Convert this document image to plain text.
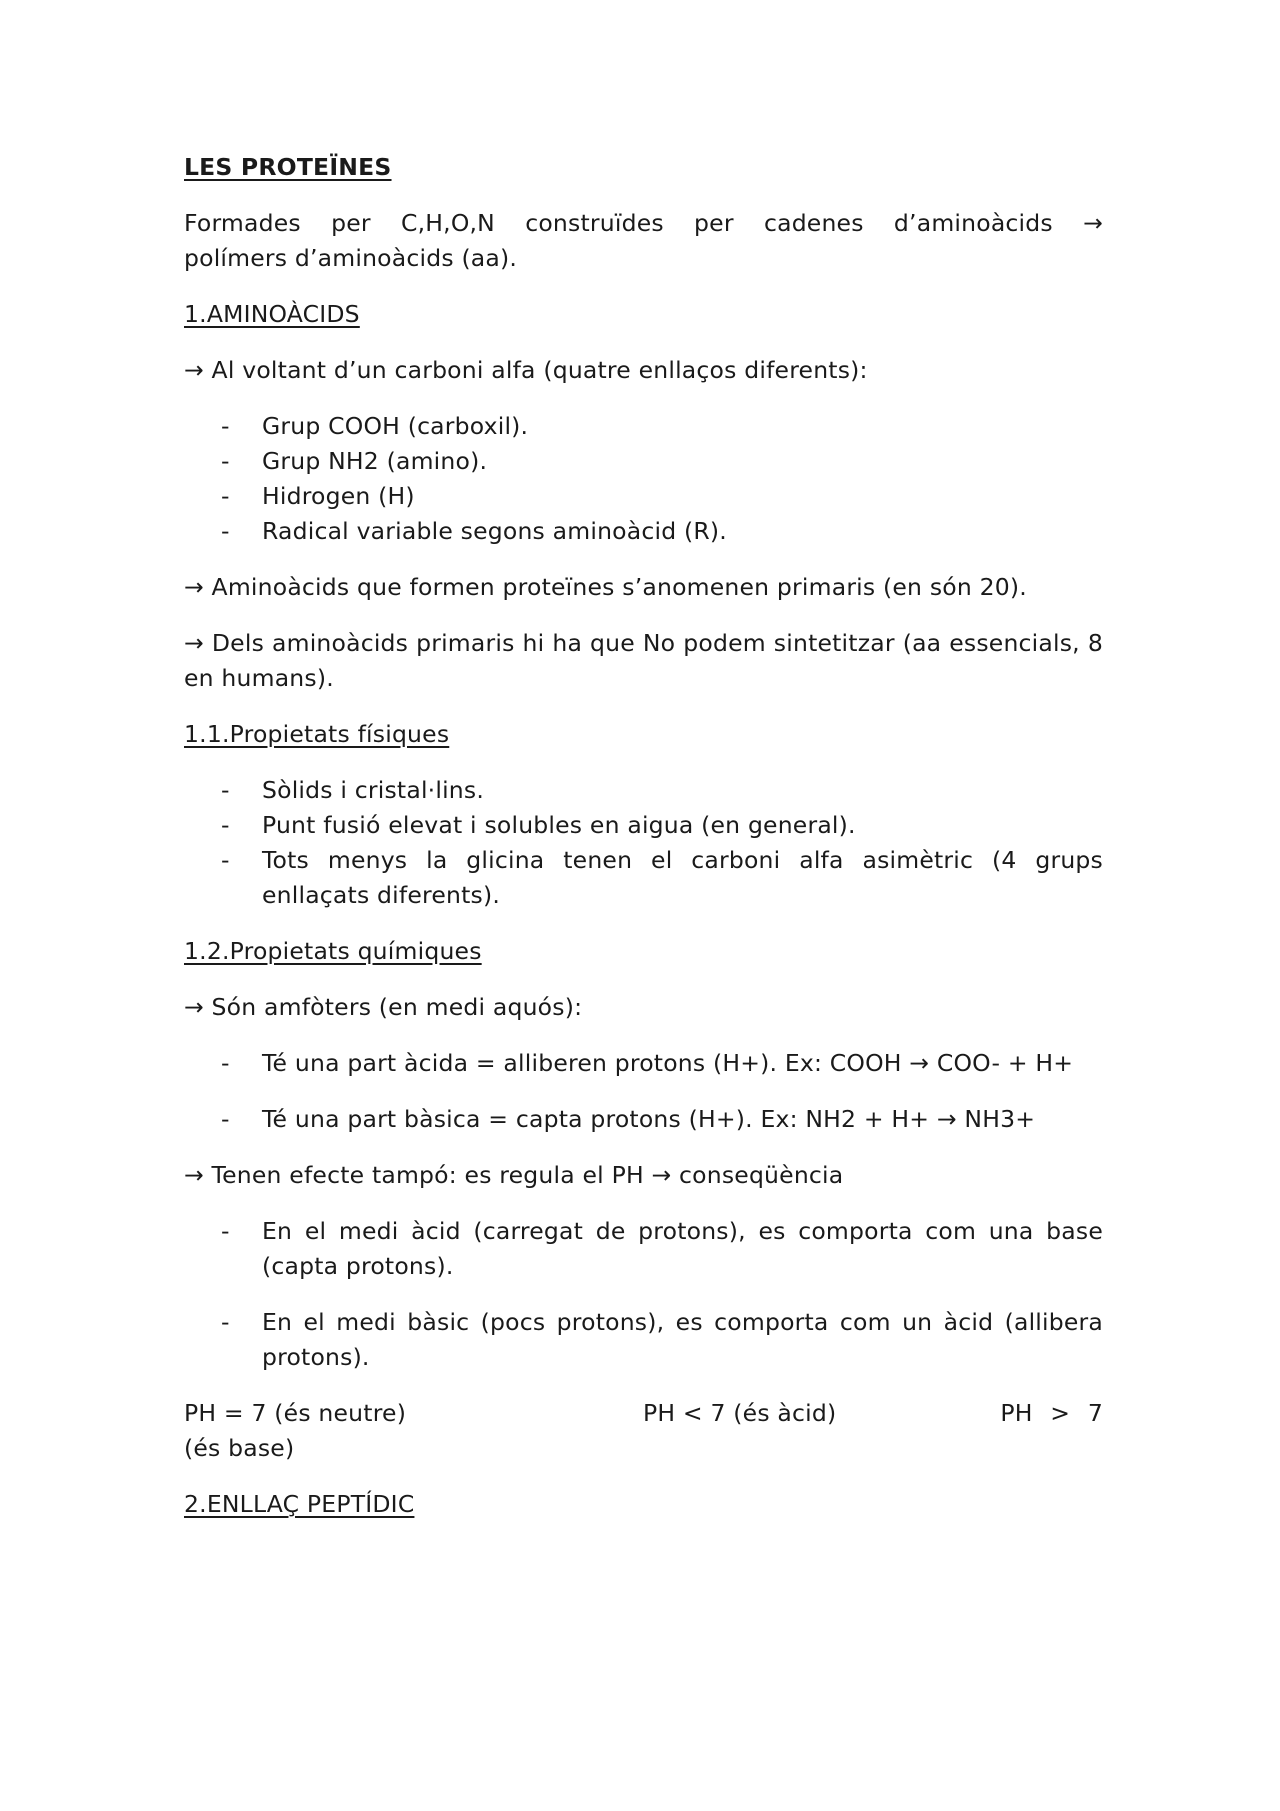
LES PROTEÏNES

Formades per C,H,O,N construïdes per cadenes d’aminoàcids →
polímers d’aminoàcids (aa).

1.AMINOÀCIDS

→ Al voltant d’un carboni alfa (quatre enllaços diferents):

- Grup COOH (carboxil).
- Grup NH2 (amino).
- Hidrogen (H)
- Radical variable segons aminoàcid (R).

→ Aminoàcids que formen proteïnes s’anomenen primaris (en són 20).

→ Dels aminoàcids primaris hi ha que No podem sintetitzar (aa essencials, 8 en humans).

1.1.Propietats físiques
- Sòlids i cristal·lins.
- Punt fusió elevat i solubles en aigua (en general).
- Tots menys la glicina tenen el carboni alfa asimètric (4 grups enllaçats diferents).
1.2.Propietats químiques

→ Són amfòters (en medi aquós):

- Té una part àcida = alliberen protons (H+). Ex: COOH → COO- + H+
- Té una part bàsica = capta protons (H+). Ex: NH2 + H+ → NH3+

→ Tenen efecte tampó: es regula el PH → conseqüència

- En el medi àcid (carregat de protons), es comporta com una base (capta protons).
- En el medi bàsic (pocs protons), es comporta com un àcid (allibera protons).
PH = 7 (és neutre)	PH < 7 (és àcid)	PH > 7
(és base)
2.ENLLAÇ PEPTÍDIC
